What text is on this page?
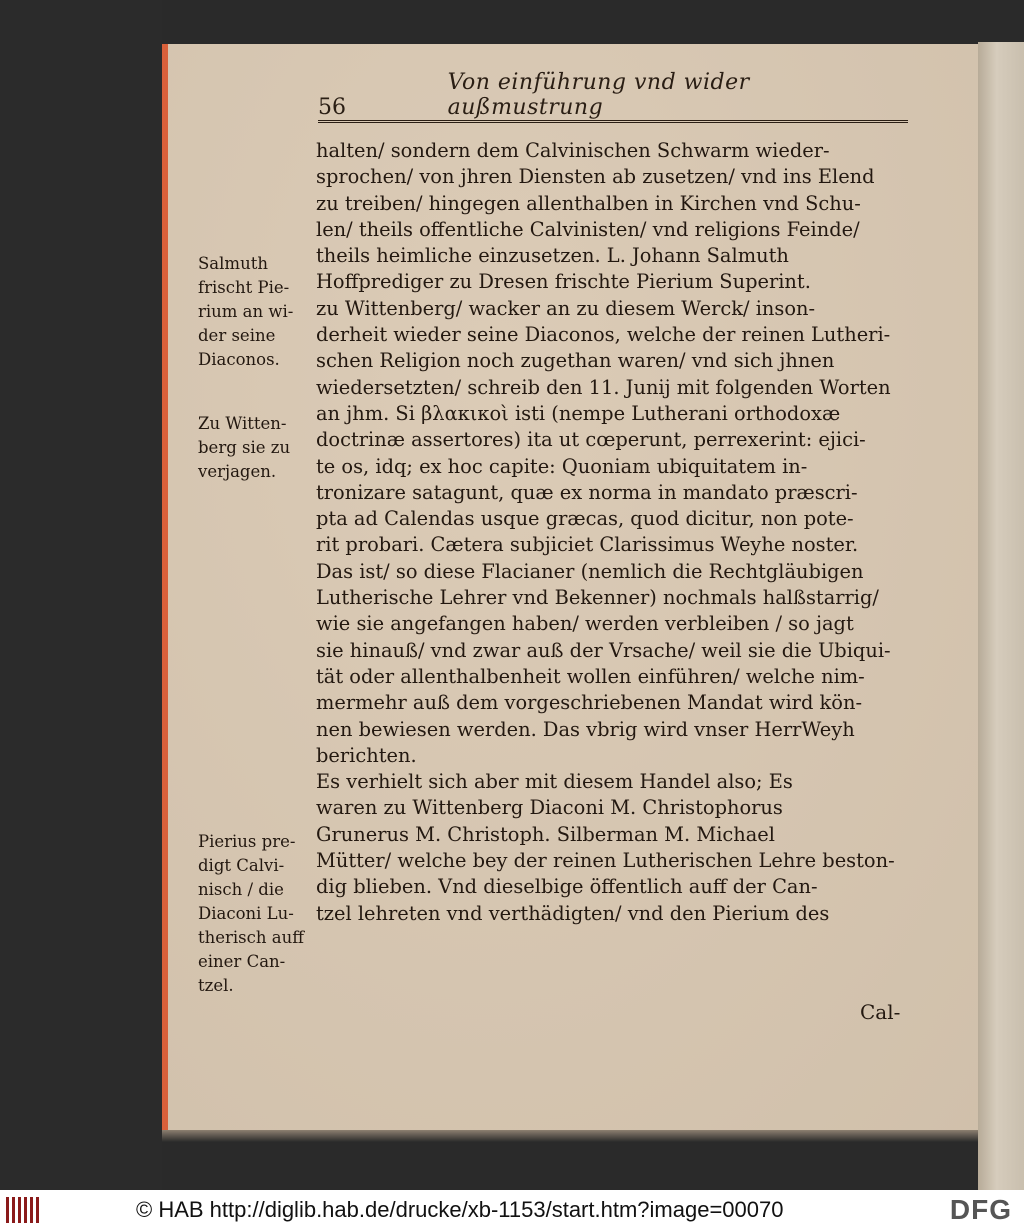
56
Von einführung vnd wider außmustrung
halten/ sondern dem Calvinischen Schwarm wieder-
sprochen/ von jhren Diensten ab zusetzen/ vnd ins Elend
zu treiben/ hingegen allenthalben in Kirchen vnd Schu-
len/ theils offentliche Calvinisten/ vnd religions Feinde/
theils heimliche einzusetzen. L. Johann Salmuth
Hoffprediger zu Dresen frischte Pierium Superint.
zu Wittenberg/ wacker an zu diesem Werck/ inson-
derheit wieder seine Diaconos, welche der reinen Lutheri-
schen Religion noch zugethan waren/ vnd sich jhnen
wiedersetzten/ schreib den 11. Junij mit folgenden Worten
an jhm. Si βλακικοὶ isti (nempe Lutherani orthodoxæ
doctrinæ assertores) ita ut cœperunt, perrexerint: ejici-
te os, idq; ex hoc capite: Quoniam ubiquitatem in-
tronizare satagunt, quæ ex norma in mandato præscri-
pta ad Calendas usque græcas, quod dicitur, non pote-
rit probari. Cætera subjiciet Clarissimus Weyhe noster.
Das ist/ so diese Flacianer (nemlich die Rechtgläubigen
Lutherische Lehrer vnd Bekenner) nochmals halßstarrig/
wie sie angefangen haben/ werden verbleiben / so jagt
sie hinauß/ vnd zwar auß der Vrsache/ weil sie die Ubiqui-
tät oder allenthalbenheit wollen einführen/ welche nim-
mermehr auß dem vorgeschriebenen Mandat wird kön-
nen bewiesen werden. Das vbrig wird vnser HerrWeyh
berichten.
Es verhielt sich aber mit diesem Handel also; Es
waren zu Wittenberg Diaconi M. Christophorus
Grunerus M. Christoph. Silberman M. Michael
Mütter/ welche bey der reinen Lutherischen Lehre beston-
dig blieben. Vnd dieselbige öffentlich auff der Can-
tzel lehreten vnd verthädigten/ vnd den Pierium des
Salmuth
frischt Pie-
rium an wi-
der seine
Diaconos.
Zu Witten-
berg sie zu
verjagen.
Pierius pre-
digt Calvi-
nisch / die
Diaconi Lu-
therisch auff
einer Can-
tzel.
Cal-
© HAB http://diglib.hab.de/drucke/xb-1153/start.htm?image=00070	DFG
